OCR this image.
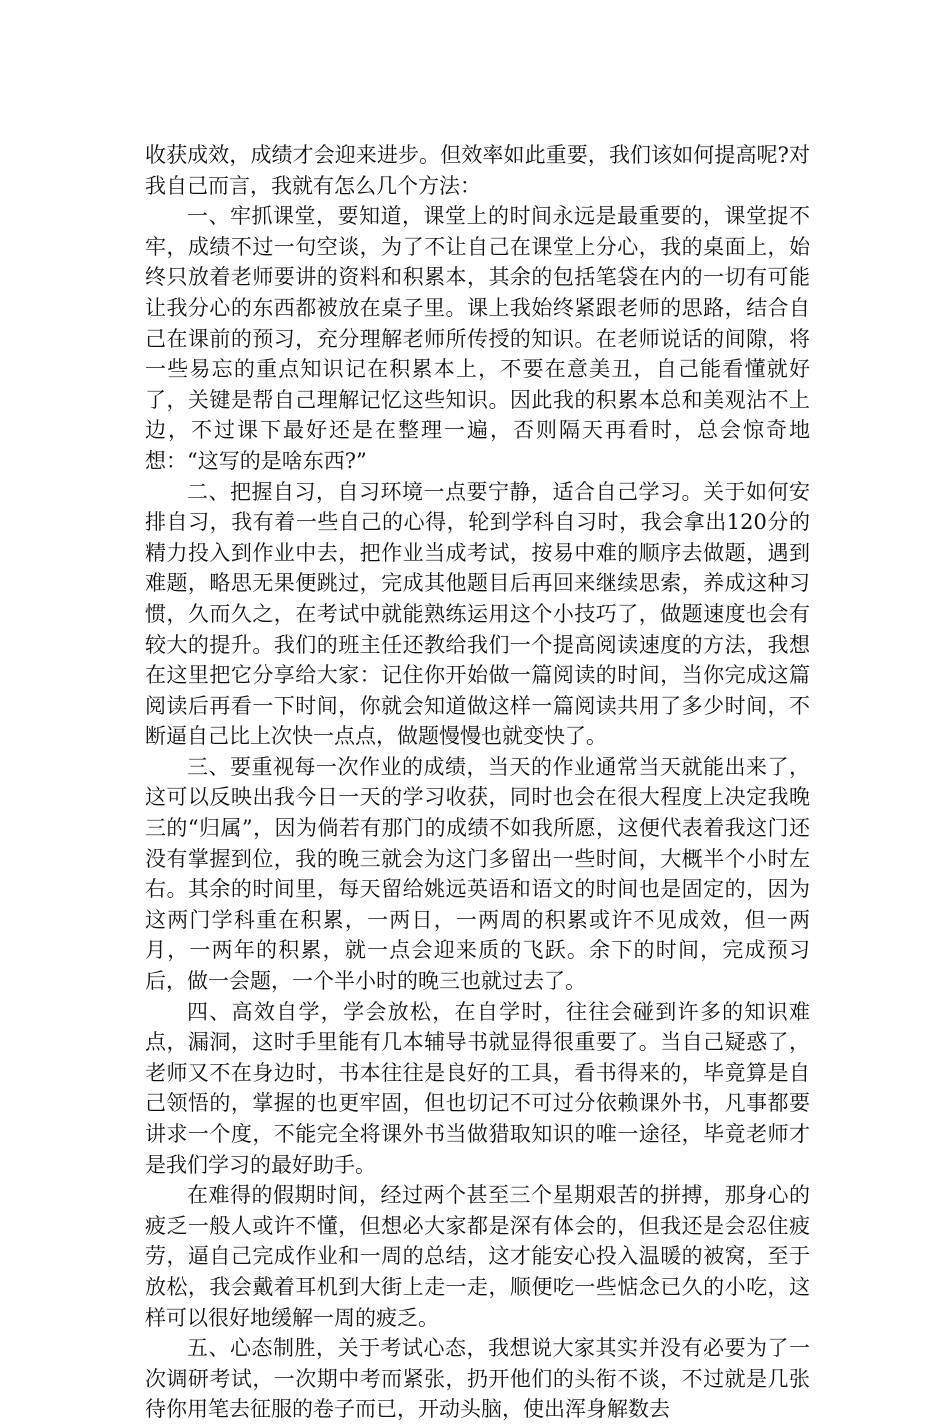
收获成效，成绩才会迎来进步。但效率如此重要，我们该如何提高呢?对我自己而言，我就有怎么几个方法：

一、牢抓课堂，要知道，课堂上的时间永远是最重要的，课堂捉不牢，成绩不过一句空谈，为了不让自己在课堂上分心，我的桌面上，始终只放着老师要讲的资料和积累本，其余的包括笔袋在内的一切有可能让我分心的东西都被放在桌子里。课上我始终紧跟老师的思路，结合自己在课前的预习，充分理解老师所传授的知识。在老师说话的间隙，将一些易忘的重点知识记在积累本上，不要在意美丑，自己能看懂就好了，关键是帮自己理解记忆这些知识。因此我的积累本总和美观沾不上边，不过课下最好还是在整理一遍，否则隔天再看时，总会惊奇地想：“这写的是啥东西?”

二、把握自习，自习环境一点要宁静，适合自己学习。关于如何安排自习，我有着一些自己的心得，轮到学科自习时，我会拿出120分的精力投入到作业中去，把作业当成考试，按易中难的顺序去做题，遇到难题，略思无果便跳过，完成其他题目后再回来继续思索，养成这种习惯，久而久之，在考试中就能熟练运用这个小技巧了，做题速度也会有较大的提升。我们的班主任还教给我们一个提高阅读速度的方法，我想在这里把它分享给大家：记住你开始做一篇阅读的时间，当你完成这篇阅读后再看一下时间，你就会知道做这样一篇阅读共用了多少时间，不断逼自己比上次快一点点，做题慢慢也就变快了。

三、要重视每一次作业的成绩，当天的作业通常当天就能出来了，这可以反映出我今日一天的学习收获，同时也会在很大程度上决定我晚三的“归属”，因为倘若有那门的成绩不如我所愿，这便代表着我这门还没有掌握到位，我的晚三就会为这门多留出一些时间，大概半个小时左右。其余的时间里，每天留给姚远英语和语文的时间也是固定的，因为这两门学科重在积累，一两日，一两周的积累或许不见成效，但一两月，一两年的积累，就一点会迎来质的飞跃。余下的时间，完成预习后，做一会题，一个半小时的晚三也就过去了。

四、高效自学，学会放松，在自学时，往往会碰到许多的知识难点，漏洞，这时手里能有几本辅导书就显得很重要了。当自己疑惑了，老师又不在身边时，书本往往是良好的工具，看书得来的，毕竟算是自己领悟的，掌握的也更牢固，但也切记不可过分依赖课外书，凡事都要讲求一个度，不能完全将课外书当做猎取知识的唯一途径，毕竟老师才是我们学习的最好助手。

在难得的假期时间，经过两个甚至三个星期艰苦的拼搏，那身心的疲乏一般人或许不懂，但想必大家都是深有体会的，但我还是会忍住疲劳，逼自己完成作业和一周的总结，这才能安心投入温暖的被窝，至于放松，我会戴着耳机到大街上走一走，顺便吃一些惦念已久的小吃，这样可以很好地缓解一周的疲乏。

五、心态制胜，关于考试心态，我想说大家其实并没有必要为了一次调研考试，一次期中考而紧张，扔开他们的头衔不谈，不过就是几张待你用笔去征服的卷子而已，开动头脑，使出浑身解数去
